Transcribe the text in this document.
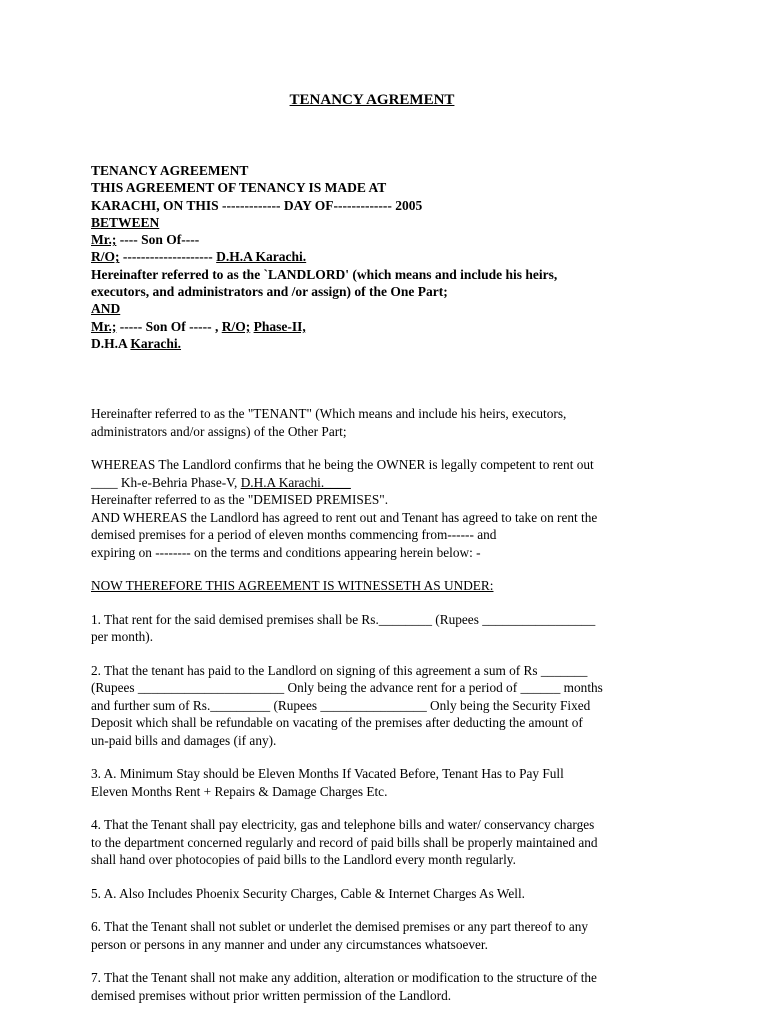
TENANCY AGREMENT
TENANCY AGREEMENT
THIS AGREEMENT OF TENANCY IS MADE AT
KARACHI, ON THIS ------------- DAY OF------------- 2005
BETWEEN
Mr.; ---- Son Of----
R/O; -------------------- D.H.A Karachi.
Hereinafter referred to as the `LANDLORD' (which means and include his heirs,
executors, and administrators and /or assign) of the One Part;
AND
Mr.; ----- Son Of ----- , R/O; Phase-II,
D.H.A Karachi.

Hereinafter referred to as the "TENANT" (Which means and include his heirs, executors,
administrators and/or assigns) of the Other Part;

WHEREAS The Landlord confirms that he being the OWNER is legally competent to rent out
____ Kh-e-Behria Phase-V, D.H.A Karachi.____
Hereinafter referred to as the "DEMISED PREMISES".
AND WHEREAS the Landlord has agreed to rent out and Tenant has agreed to take on rent the
demised premises for a period of eleven months commencing from------ and
expiring on -------- on the terms and conditions appearing herein below: -

NOW THEREFORE THIS AGREEMENT IS WITNESSETH AS UNDER:

1. That rent for the said demised premises shall be Rs.________ (Rupees _________________
per month).

2. That the tenant has paid to the Landlord on signing of this agreement a sum of Rs _______
(Rupees ______________________ Only being the advance rent for a period of ______ months
and further sum of Rs._________ (Rupees ________________ Only being the Security Fixed
Deposit which shall be refundable on vacating of the premises after deducting the amount of
un-paid bills and damages (if any).

3. A. Minimum Stay should be Eleven Months If Vacated Before, Tenant Has to Pay Full
Eleven Months Rent + Repairs & Damage Charges Etc.

4. That the Tenant shall pay electricity, gas and telephone bills and water/ conservancy charges
to the department concerned regularly and record of paid bills shall be properly maintained and
shall hand over photocopies of paid bills to the Landlord every month regularly.

5. A. Also Includes Phoenix Security Charges, Cable & Internet Charges As Well.

6. That the Tenant shall not sublet or underlet the demised premises or any part thereof to any
person or persons in any manner and under any circumstances whatsoever.

7. That the Tenant shall not make any addition, alteration or modification to the structure of the
demised premises without prior written permission of the Landlord.
